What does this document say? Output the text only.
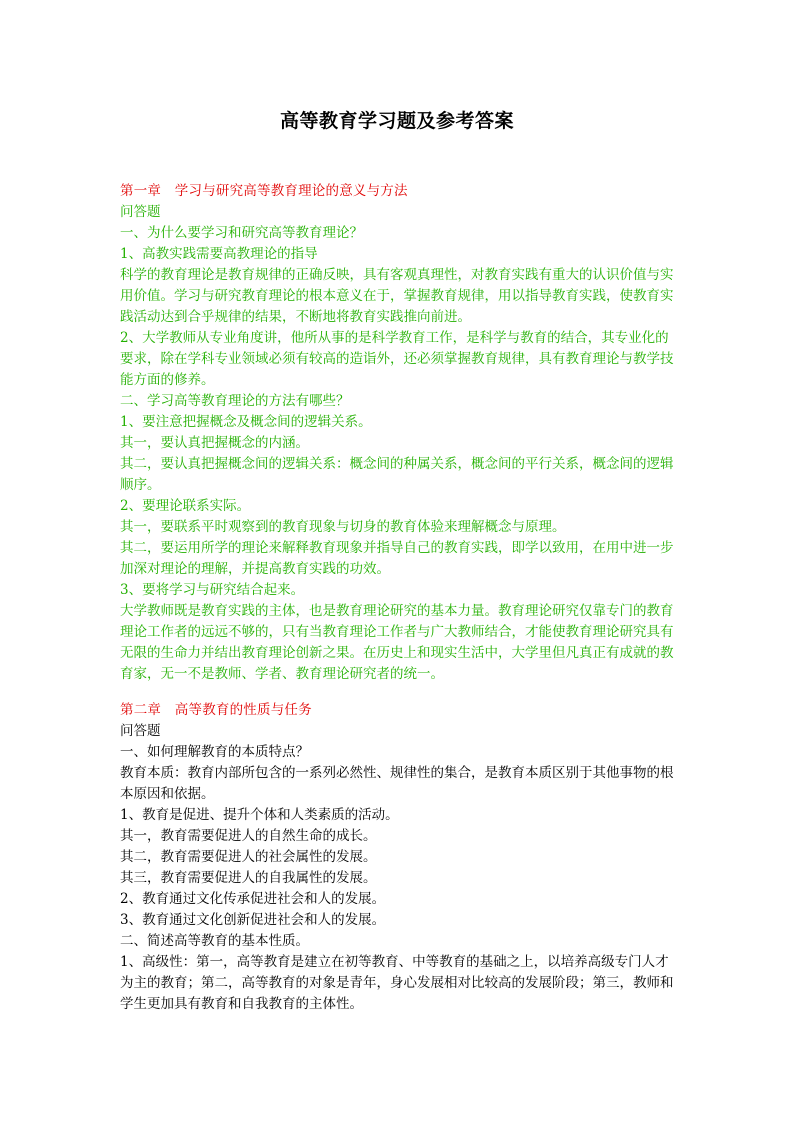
高等教育学习题及参考答案

第一章　学习与研究高等教育理论的意义与方法

问答题

一、为什么要学习和研究高等教育理论？

1、高教实践需要高教理论的指导

科学的教育理论是教育规律的正确反映，具有客观真理性，对教育实践有重大的认识价值与实用价值。学习与研究教育理论的根本意义在于，掌握教育规律，用以指导教育实践，使教育实践活动达到合乎规律的结果，不断地将教育实践推向前进。

2、大学教师从专业角度讲，他所从事的是科学教育工作，是科学与教育的结合，其专业化的要求，除在学科专业领域必须有较高的造诣外，还必须掌握教育规律，具有教育理论与教学技能方面的修养。

二、学习高等教育理论的方法有哪些？

1、要注意把握概念及概念间的逻辑关系。

其一，要认真把握概念的内涵。

其二，要认真把握概念间的逻辑关系：概念间的种属关系，概念间的平行关系，概念间的逻辑顺序。

2、要理论联系实际。

其一，要联系平时观察到的教育现象与切身的教育体验来理解概念与原理。

其二，要运用所学的理论来解释教育现象并指导自己的教育实践，即学以致用，在用中进一步加深对理论的理解，并提高教育实践的功效。

3、要将学习与研究结合起来。

大学教师既是教育实践的主体，也是教育理论研究的基本力量。教育理论研究仅靠专门的教育理论工作者的远远不够的，只有当教育理论工作者与广大教师结合，才能使教育理论研究具有无限的生命力并结出教育理论创新之果。在历史上和现实生活中，大学里但凡真正有成就的教育家，无一不是教师、学者、教育理论研究者的统一。

第二章　高等教育的性质与任务

问答题

一、如何理解教育的本质特点？

教育本质：教育内部所包含的一系列必然性、规律性的集合，是教育本质区别于其他事物的根本原因和依据。

1、教育是促进、提升个体和人类素质的活动。

其一，教育需要促进人的自然生命的成长。

其二，教育需要促进人的社会属性的发展。

其三，教育需要促进人的自我属性的发展。

2、教育通过文化传承促进社会和人的发展。

3、教育通过文化创新促进社会和人的发展。

二、简述高等教育的基本性质。

1、高级性：第一，高等教育是建立在初等教育、中等教育的基础之上，以培养高级专门人才为主的教育；第二，高等教育的对象是青年，身心发展相对比较高的发展阶段；第三，教师和学生更加具有教育和自我教育的主体性。
